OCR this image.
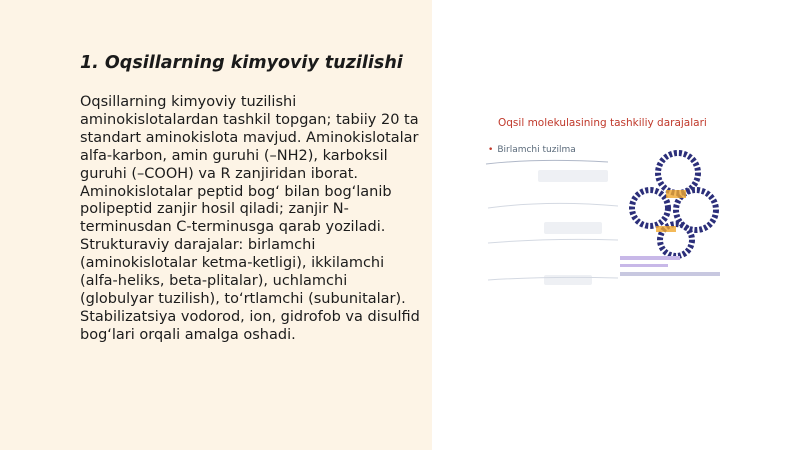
1. Oqsillarning kimyoviy tuzilishi

Oqsillarning kimyoviy tuzilishi aminokislotalardan tashkil topgan; tabiiy 20 ta standart aminokislota mavjud. Aminokislotalar alfa-karbon, amin guruhi (–NH2), karboksil guruhi (–COOH) va R zanjiridan iborat. Aminokislotalar peptid bog‘ bilan bog‘lanib polipeptid zanjir hosil qiladi; zanjir N-terminusdan C-terminusga qarab yoziladi. Strukturaviy darajalar: birlamchi (aminokislotalar ketma-ketligi), ikkilamchi (alfa-heliks, beta-plitalar), uchlamchi (globulyar tuzilish), to‘rtlamchi (subunitalar). Stabilizatsiya vodorod, ion, gidrofob va disulfid bog‘lari orqali amalga oshadi.

Oqsil molekulasining tashkiliy darajalari
• Birlamchi tuzilma
